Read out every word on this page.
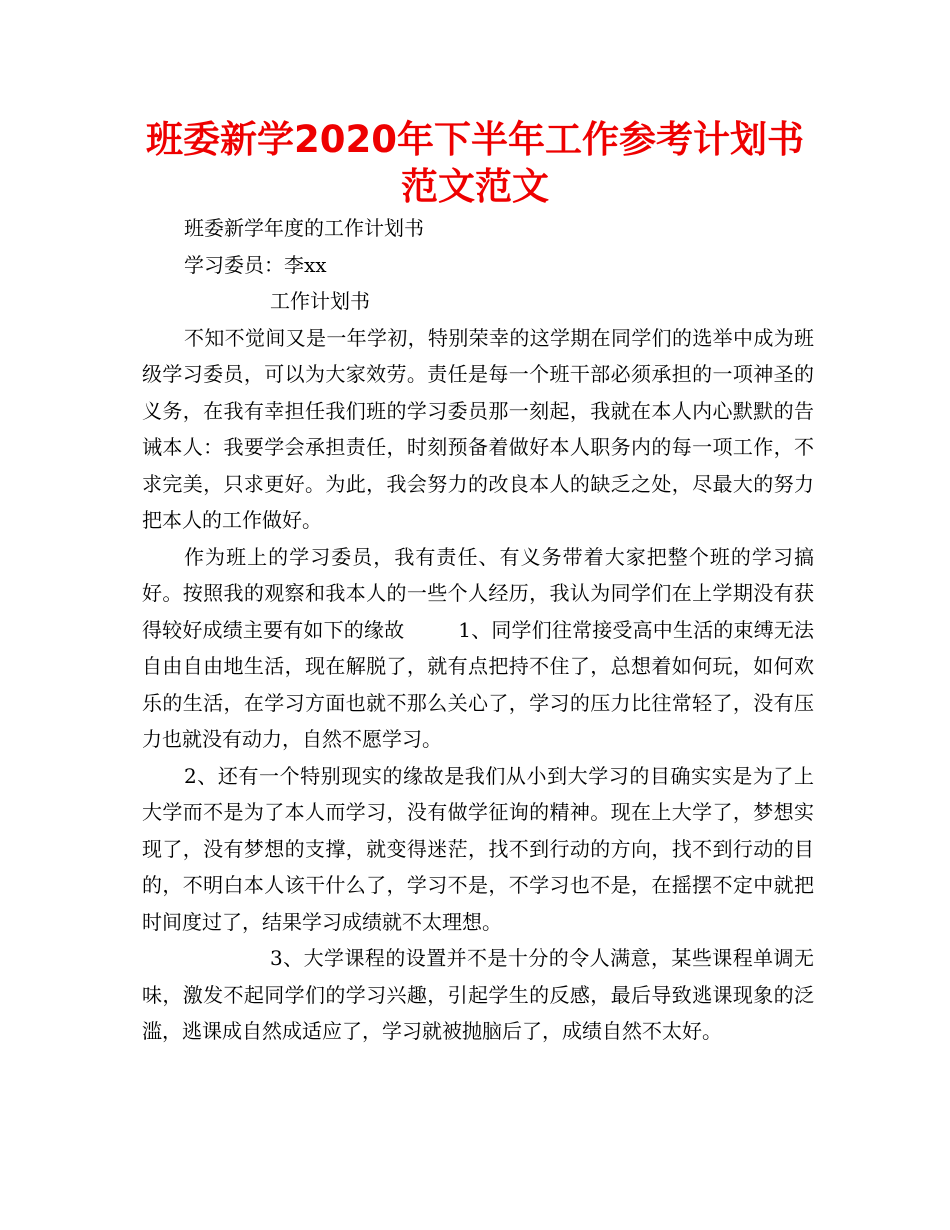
班委新学2020年下半年工作参考计划书范文范文

班委新学年度的工作计划书

学习委员：李xx

工作计划书

不知不觉间又是一年学初，特别荣幸的这学期在同学们的选举中成为班级学习委员，可以为大家效劳。责任是每一个班干部必须承担的一项神圣的义务，在我有幸担任我们班的学习委员那一刻起，我就在本人内心默默的告诫本人：我要学会承担责任，时刻预备着做好本人职务内的每一项工作，不求完美，只求更好。为此，我会努力的改良本人的缺乏之处，尽最大的努力把本人的工作做好。

作为班上的学习委员，我有责任、有义务带着大家把整个班的学习搞好。按照我的观察和我本人的一些个人经历，我认为同学们在上学期没有获得较好成绩主要有如下的缘故	1、同学们往常接受高中生活的束缚无法自由自由地生活，现在解脱了，就有点把持不住了，总想着如何玩，如何欢乐的生活，在学习方面也就不那么关心了，学习的压力比往常轻了，没有压力也就没有动力，自然不愿学习。

2、还有一个特别现实的缘故是我们从小到大学习的目确实实是为了上大学而不是为了本人而学习，没有做学征询的精神。现在上大学了，梦想实现了，没有梦想的支撑，就变得迷茫，找不到行动的方向，找不到行动的目的，不明白本人该干什么了，学习不是，不学习也不是，在摇摆不定中就把时间度过了，结果学习成绩就不太理想。

3、大学课程的设置并不是十分的令人满意，某些课程单调无味，激发不起同学们的学习兴趣，引起学生的反感，最后导致逃课现象的泛滥，逃课成自然成适应了，学习就被抛脑后了，成绩自然不太好。
